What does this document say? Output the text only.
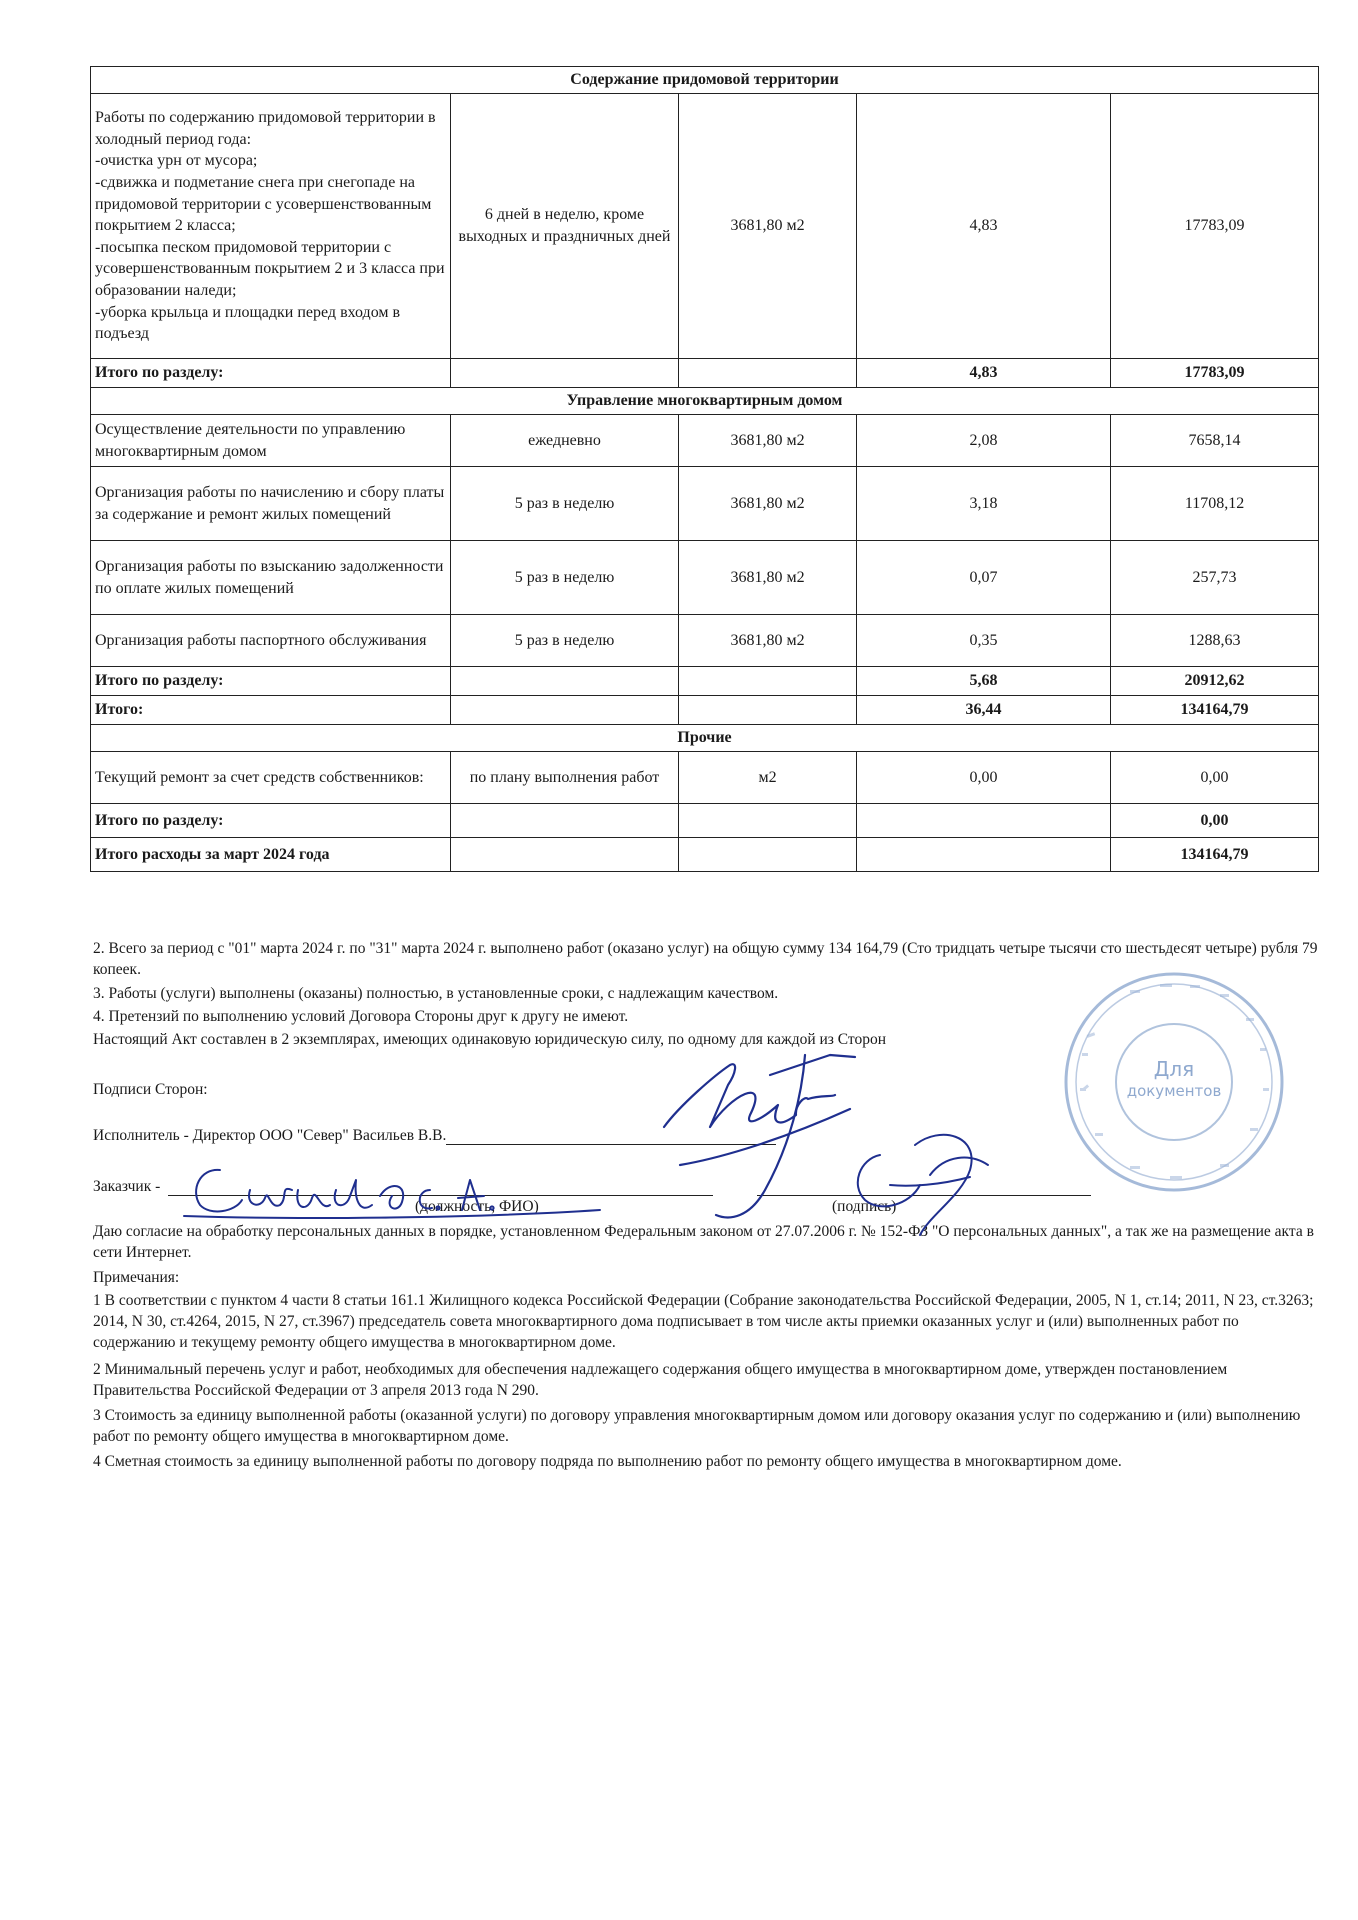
Содержание придомовой территории				
Работы по содержанию придомовой территории в холодный период года:
-очистка урн от мусора;
-сдвижка и подметание снега при снегопаде на придомовой территории с усовершенствованным покрытием 2 класса;
-посыпка песком придомовой территории с усовершенствованным покрытием 2 и 3 класса при образовании наледи;
-уборка крыльца и площадки перед входом в подъезд	6 дней в неделю, кроме выходных и праздничных дней	3681,80 м2	4,83	17783,09
Итого по разделу:			4,83	17783,09
Управление многоквартирным домом				
Осуществление деятельности по управлению многоквартирным домом	ежедневно	3681,80 м2	2,08	7658,14
Организация работы по начислению и сбору платы за содержание и ремонт жилых помещений	5 раз в неделю	3681,80 м2	3,18	11708,12
Организация работы по взысканию задолженности по оплате жилых помещений	5 раз в неделю	3681,80 м2	0,07	257,73
Организация работы паспортного обслуживания	5 раз в неделю	3681,80 м2	0,35	1288,63
Итого по разделу:			5,68	20912,62
Итого:			36,44	134164,79
Прочие				
Текущий ремонт за счет средств собственников:	по плану выполнения работ	м2	0,00	0,00
Итого по разделу:				0,00
Итого расходы за март 2024 года				134164,79
2. Всего за период с "01" марта 2024 г. по "31" марта 2024 г. выполнено работ (оказано услуг) на общую сумму 134 164,79 (Сто тридцать четыре тысячи сто шестьдесят четыре) рубля 79 копеек.
3. Работы (услуги) выполнены (оказаны) полностью, в установленные сроки, с надлежащим качеством.
4. Претензий по выполнению условий Договора Стороны друг к другу не имеют.
Настоящий Акт составлен в 2 экземплярах, имеющих одинаковую юридическую силу, по одному для каждой из Сторон
Подписи Сторон:
Исполнитель - Директор ООО "Север" Васильев В.В.
Заказчик -
(должность, ФИО)	(подпись)
Даю согласие на обработку персональных данных в порядке, установленном Федеральным законом от 27.07.2006 г. № 152-ФЗ "О персональных данных", а так же на размещение акта в сети Интернет.
Примечания:
1 В соответствии с пунктом 4 части 8 статьи 161.1 Жилищного кодекса Российской Федерации (Собрание законодательства Российской Федерации, 2005, N 1, ст.14; 2011, N 23, ст.3263; 2014, N 30, ст.4264, 2015, N 27, ст.3967) председатель совета многоквартирного дома подписывает в том числе акты приемки оказанных услуг и (или) выполненных работ по содержанию и текущему ремонту общего имущества в многоквартирном доме.
2 Минимальный перечень услуг и работ, необходимых для обеспечения надлежащего содержания общего имущества в многоквартирном доме, утвержден постановлением Правительства Российской Федерации от 3 апреля 2013 года N 290.
3 Стоимость за единицу выполненной работы (оказанной услуги) по договору управления многоквартирным домом или договору оказания услуг по содержанию и (или) выполнению работ по ремонту общего имущества в многоквартирном доме.
4 Сметная стоимость за единицу выполненной работы по договору подряда по выполнению работ по ремонту общего имущества в многоквартирном доме.
Для
документов
